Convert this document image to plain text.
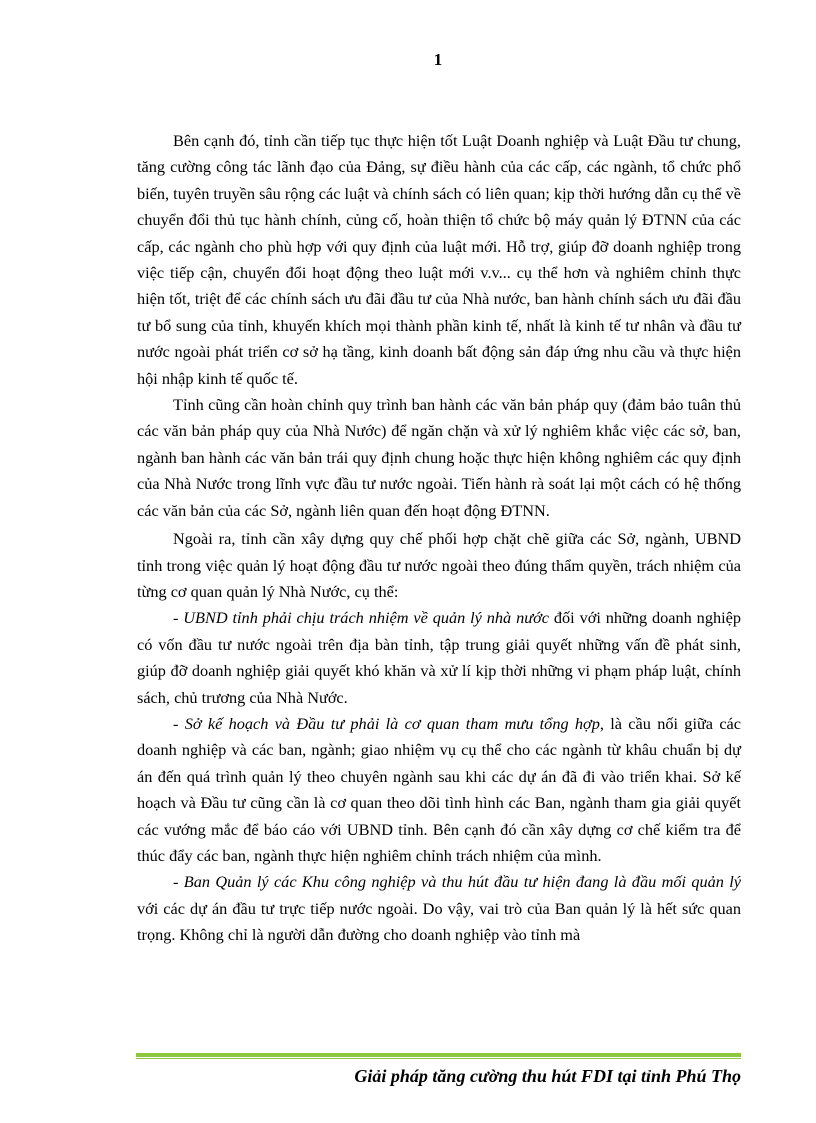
1

Bên cạnh đó, tỉnh cần tiếp tục thực hiện tốt Luật Doanh nghiệp và Luật Đầu tư chung, tăng cường công tác lãnh đạo của Đảng, sự điều hành của các cấp, các ngành, tổ chức phổ biến, tuyên truyền sâu rộng các luật và chính sách có liên quan; kịp thời hướng dẫn cụ thể về chuyển đổi thủ tục hành chính, củng cố, hoàn thiện tổ chức bộ máy quản lý ĐTNN của các cấp, các ngành cho phù hợp với quy định của luật mới. Hỗ trợ, giúp đỡ doanh nghiệp trong việc tiếp cận, chuyển đổi hoạt động theo luật mới v.v... cụ thể hơn và nghiêm chỉnh thực hiện tốt, triệt để các chính sách ưu đãi đầu tư của Nhà nước, ban hành chính sách ưu đãi đầu tư bổ sung của tỉnh, khuyến khích mọi thành phần kinh tế, nhất là kinh tế tư nhân và đầu tư nước ngoài phát triển cơ sở hạ tầng, kinh doanh bất động sản đáp ứng nhu cầu và thực hiện hội nhập kinh tế quốc tế.

Tỉnh cũng cần hoàn chỉnh quy trình ban hành các văn bản pháp quy (đảm bảo tuân thủ các văn bản pháp quy của Nhà Nước) để ngăn chặn và xử lý nghiêm khắc việc các sở, ban, ngành ban hành các văn bản trái quy định chung hoặc thực hiện không nghiêm các quy định của Nhà Nước trong lĩnh vực đầu tư nước ngoài. Tiến hành rà soát lại một cách có hệ thống các văn bản của các Sở, ngành liên quan đến hoạt động ĐTNN.

Ngoài ra, tỉnh cần xây dựng quy chế phối hợp chặt chẽ giữa các Sở, ngành, UBND tỉnh trong việc quản lý hoạt động đầu tư nước ngoài theo đúng thẩm quyền, trách nhiệm của từng cơ quan quản lý Nhà Nước, cụ thể:

- UBND tỉnh phải chịu trách nhiệm về quản lý nhà nước đối với những doanh nghiệp có vốn đầu tư nước ngoài trên địa bàn tỉnh, tập trung giải quyết những vấn đề phát sinh, giúp đỡ doanh nghiệp giải quyết khó khăn và xử lí kịp thời những vi phạm pháp luật, chính sách, chủ trương của Nhà Nước.

- Sở kế hoạch và Đầu tư phải là cơ quan tham mưu tổng hợp, là cầu nối giữa các doanh nghiệp và các ban, ngành; giao nhiệm vụ cụ thể cho các ngành từ khâu chuẩn bị dự án đến quá trình quản lý theo chuyên ngành sau khi các dự án đã đi vào triển khai. Sở kế hoạch và Đầu tư cũng cần là cơ quan theo dõi tình hình các Ban, ngành tham gia giải quyết các vướng mắc để báo cáo với UBND tỉnh. Bên cạnh đó cần xây dựng cơ chế kiểm tra để thúc đẩy các ban, ngành thực hiện nghiêm chỉnh trách nhiệm của mình.

- Ban Quản lý các Khu công nghiệp và thu hút đầu tư hiện đang là đầu mối quản lý với các dự án đầu tư trực tiếp nước ngoài. Do vậy, vai trò của Ban quản lý là hết sức quan trọng. Không chỉ là người dẫn đường cho doanh nghiệp vào tỉnh mà

Giải pháp tăng cường thu hút FDI tại tỉnh Phú Thọ
